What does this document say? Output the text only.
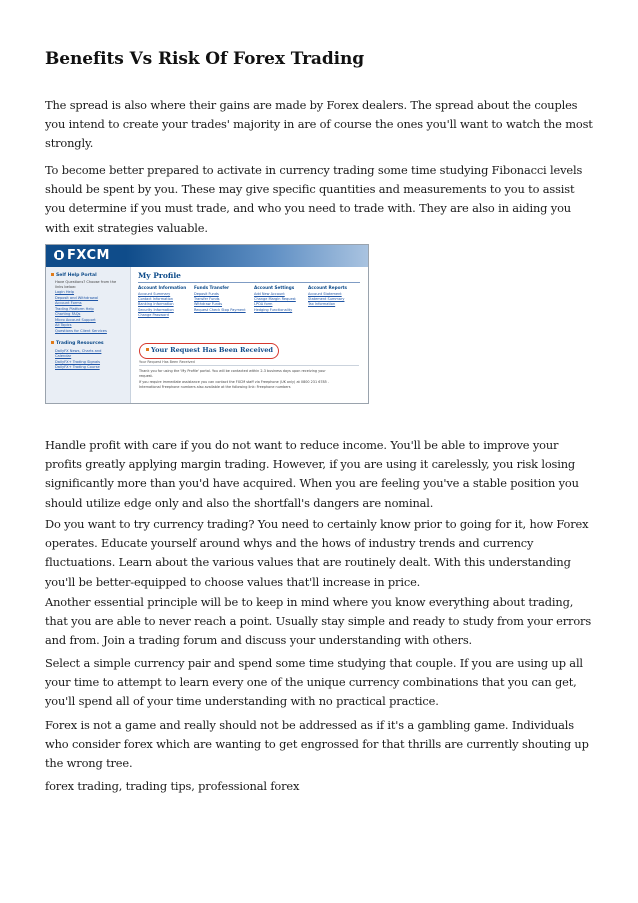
Benefits Vs Risk Of Forex Trading

The spread is also where their gains are made by Forex dealers. The spread about the couples you intend to create your trades' majority in are of course the ones you'll want to watch the most strongly.

To become better prepared to activate in currency trading some time studying Fibonacci levels should be spent by you. These may give specific quantities and measurements to you to assist you determine if you must trade, and who you need to trade with. They are also in aiding you with exit strategies valuable.

FXCM
Self Help Portal
Have Questions? Choose from the
links below:
Login Help
Deposit and Withdrawal
Account Forms
Trading Platform Help
Charting FAQs
Micro Account Support
All Topics
Questions for Client Services
Trading Resources
DailyFX News, Charts and
Calendar
DailyFX+ Trading Signals
DailyFX+ Trading Course
My Profile
Account Information
Account Summary
Contact Information
Banking Information
Security Information
Change Password
Funds Transfer
Deposit Funds
Transfer Funds
Withdraw Funds
Request Check Stop Payment
Account Settings
Add New Account
Change Margin Request
LPOA form
Hedging Functionality
Account Reports
Account Statement
Statement Summary
Tax Information
Your Request Has Been Received
Your Request Has Been Received
Thank you for using the 'My Profile' portal. You will be contacted within 2-3 business days upon receiving your
request.
If you require immediate assistance you can contact the FXCM staff via Freephone (UK only) at 0800 231 6785 .
International Freephone numbers also available at the following link: Freephone numbers

Handle profit with care if you do not want to reduce income. You'll be able to improve your profits greatly applying margin trading. However, if you are using it carelessly, you risk losing significantly more than you'd have acquired. When you are feeling you've a stable position you should utilize edge only and also the shortfall's dangers are nominal.

Do you want to try currency trading? You need to certainly know prior to going for it, how Forex operates. Educate yourself around whys and the hows of industry trends and currency fluctuations. Learn about the various values that are routinely dealt. With this understanding you'll be better-equipped to choose values that'll increase in price.

Another essential principle will be to keep in mind where you know everything about trading, that you are able to never reach a point. Usually stay simple and ready to study from your errors and from. Join a trading forum and discuss your understanding with others.

Select a simple currency pair and spend some time studying that couple. If you are using up all your time to attempt to learn every one of the unique currency combinations that you can get, you'll spend all of your time understanding with no practical practice.

Forex is not a game and really should not be addressed as if it's a gambling game. Individuals who consider forex which are wanting to get engrossed for that thrills are currently shouting up the wrong tree.

forex trading, trading tips, professional forex
